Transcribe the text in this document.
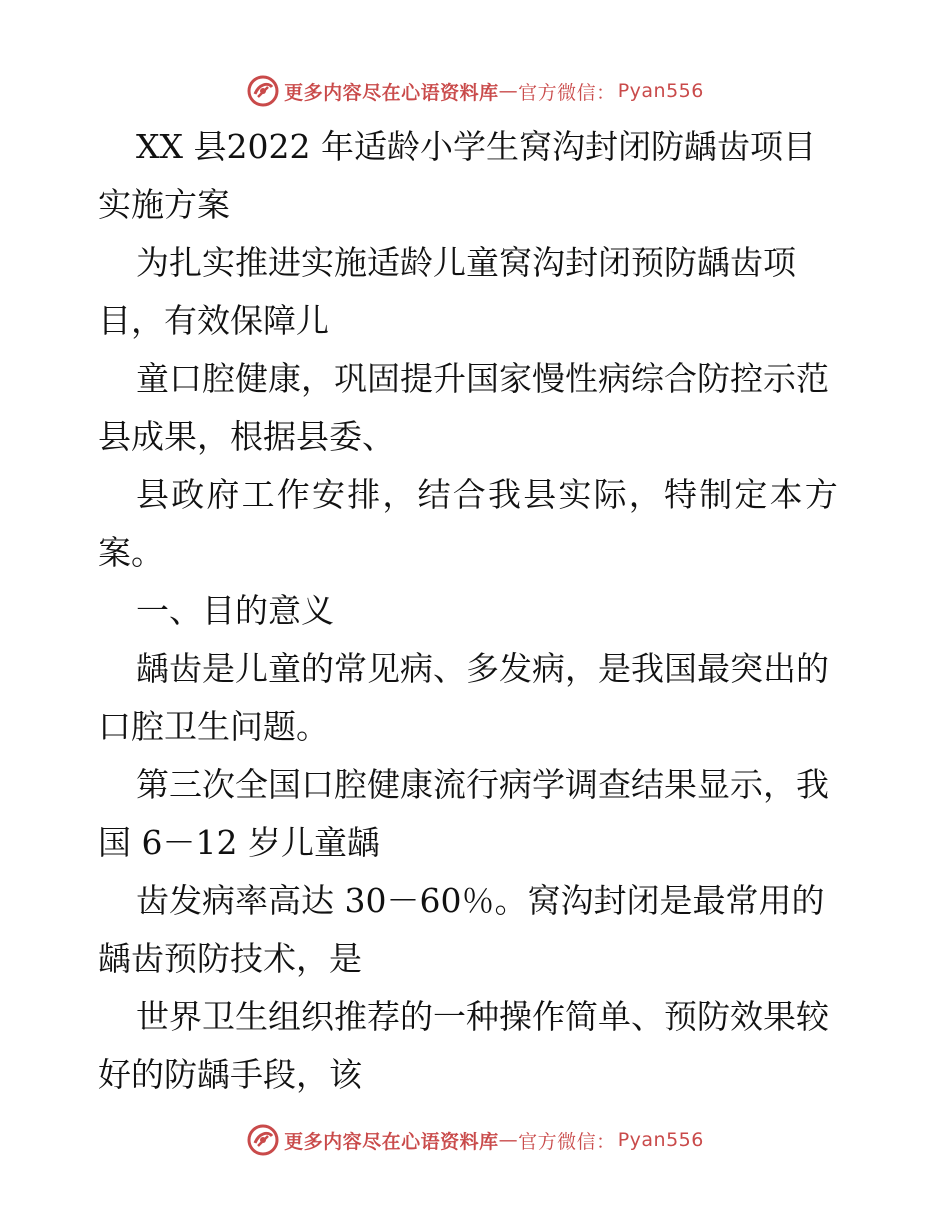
更多内容尽在心语资料库 — 官方微信： Pyan556

XX 县2022 年适龄小学生窝沟封闭防龋齿项目
实施方案

为扎实推进实施适龄儿童窝沟封闭预防龋齿项
目，有效保障儿

童口腔健康，巩固提升国家慢性病综合防控示范
县成果，根据县委、

县政府工作安排，结合我县实际，特制定本方
案。

一、目的意义

龋齿是儿童的常见病、多发病，是我国最突出的
口腔卫生问题。

第三次全国口腔健康流行病学调查结果显示，我
国 6－12 岁儿童龋

齿发病率高达 30－60％。窝沟封闭是最常用的
龋齿预防技术，是

世界卫生组织推荐的一种操作简单、预防效果较
好的防龋手段，该

更多内容尽在心语资料库 — 官方微信： Pyan556
